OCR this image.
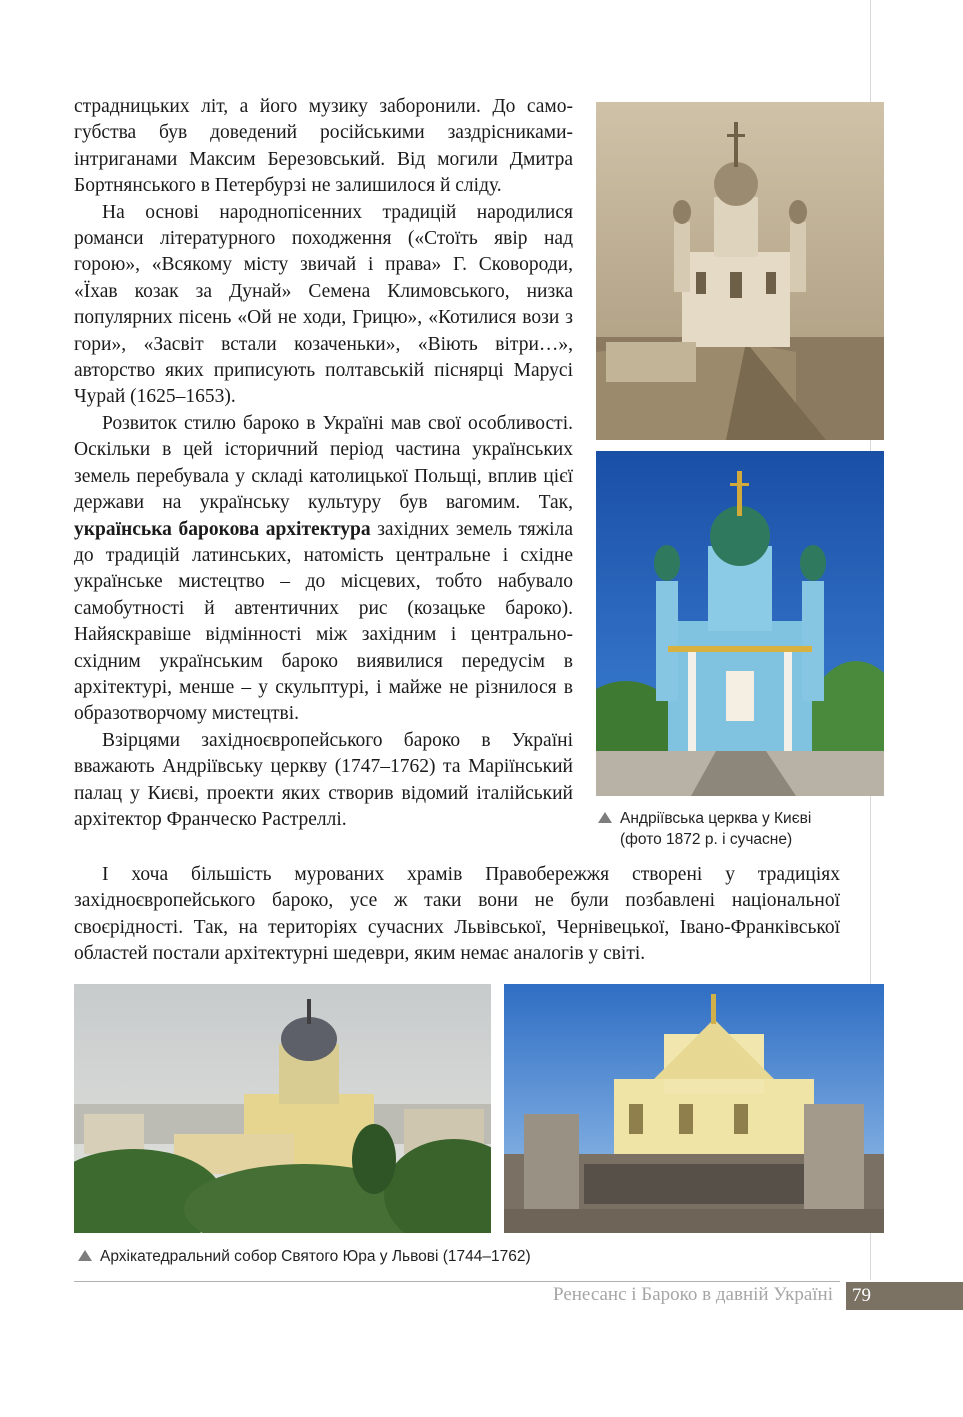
страдницьких літ, а його музику заборонили. До самогубства був доведений російськими заздрісниками-інтриганами Максим Березовський. Від могили Дмитра Бортнянського в Петербурзі не залишилося й сліду.

На основі народнопісенних традицій народилися романси літературного походження («Стоїть явір над горою», «Всякому місту звичай і права» Г. Сковороди, «Їхав козак за Дунай» Семена Климовського, низка популярних пісень «Ой не ходи, Грицю», «Котилися вози з гори», «Засвіт встали козаченьки», «Віють вітри…», авторство яких приписують полтавській піснярці Марусі Чурай (1625–1653).

Розвиток стилю бароко в Україні мав свої особливості. Оскільки в цей історичний період частина українських земель перебувала у складі католицької Польщі, вплив цієї держави на українську культуру був вагомим. Так, українська барокова архітектура західних земель тяжіла до традицій латинських, натомість центральне і східне українське мистецтво – до місцевих, тобто набувало самобутності й автентичних рис (козацьке бароко). Найяскравіше відмінності між західним і центрально-східним українським бароко виявилися передусім в архітектурі, менше – у скульптурі, і майже не різнилося в образотворчому мистецтві.

Взірцями західноєвропейського бароко в Україні вважають Андріївську церкву (1747–1762) та Маріїнський палац у Києві, проекти яких створив відомий італійський архітектор Франческо Растреллі.

І хоча більшість мурованих храмів Правобережжя створені у традиціях західноєвропейського бароко, усе ж таки вони не були позбавлені національної своєрідності. Так, на територіях сучасних Львівської, Чернівецької, Івано-Франківської областей постали архітектурні шедеври, яким немає аналогів у світі.

Андріївська церква у Києві
(фото 1872 р. і сучасне)
Архікатедральний собор Святого Юра у Львові (1744–1762)
Ренесанс і Бароко в давній Україні	79
